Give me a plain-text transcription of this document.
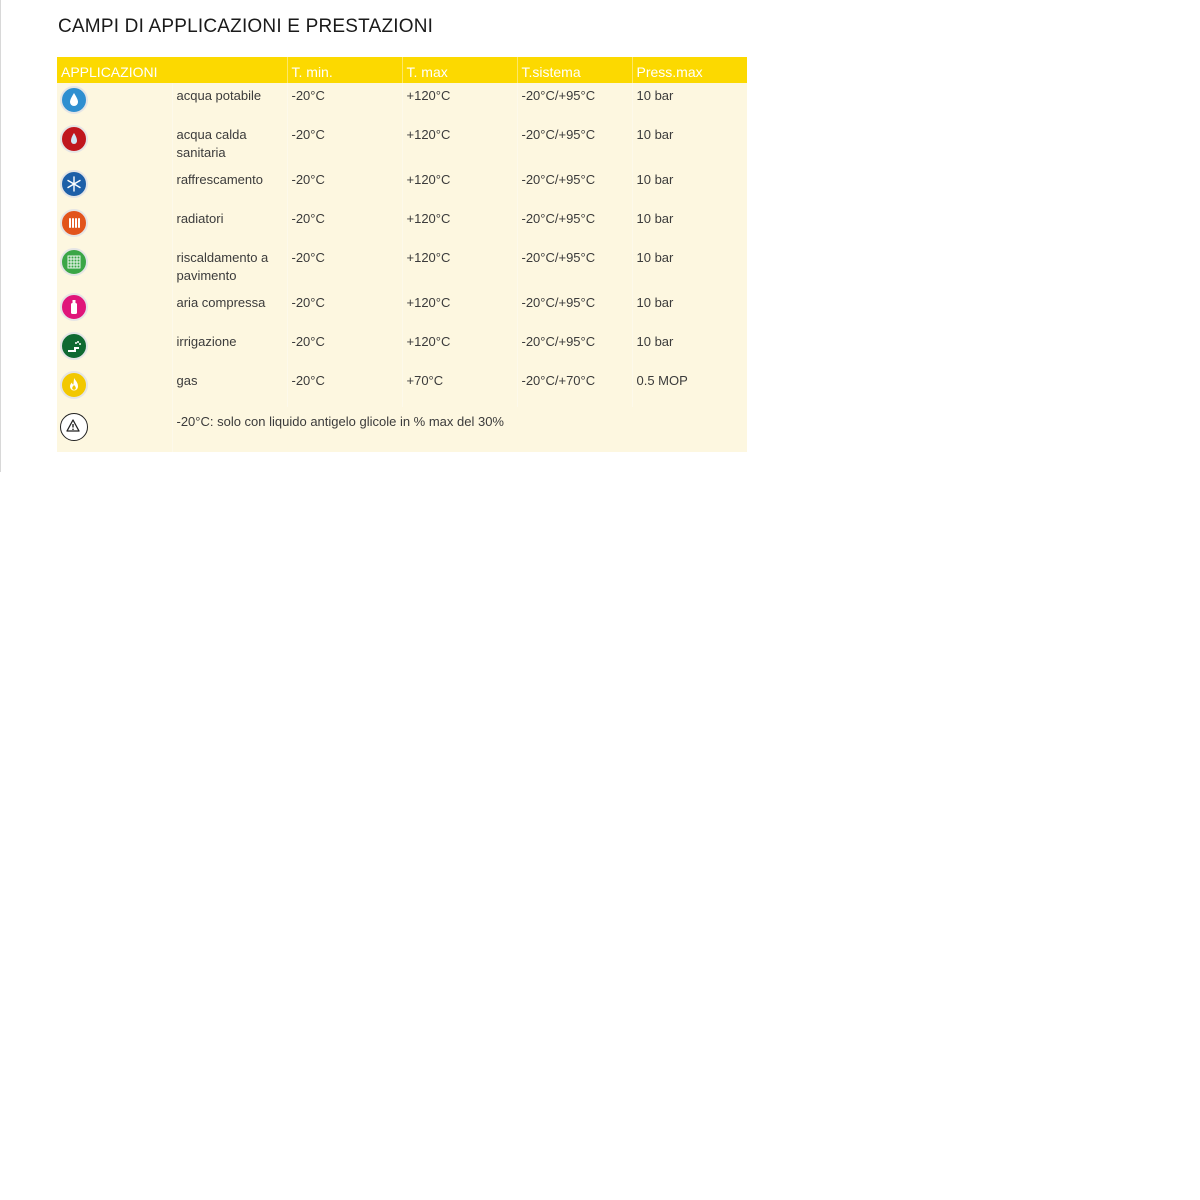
CAMPI DI APPLICAZIONI E PRESTAZIONI
APPLICAZIONI		T. min.	T. max	T.sistema	Press.max

	acqua potabile	-20°C	+120°C	-20°C/+95°C	10 bar

	acqua calda sanitaria	-20°C	+120°C	-20°C/+95°C	10 bar

	raffrescamento	-20°C	+120°C	-20°C/+95°C	10 bar

	radiatori	-20°C	+120°C	-20°C/+95°C	10 bar

	riscaldamento a pavimento	-20°C	+120°C	-20°C/+95°C	10 bar

	aria compressa	-20°C	+120°C	-20°C/+95°C	10 bar

	irrigazione	-20°C	+120°C	-20°C/+95°C	10 bar

	gas	-20°C	+70°C	-20°C/+70°C	0.5 MOP

	-20°C: solo con liquido antigelo glicole in % max del 30%				
